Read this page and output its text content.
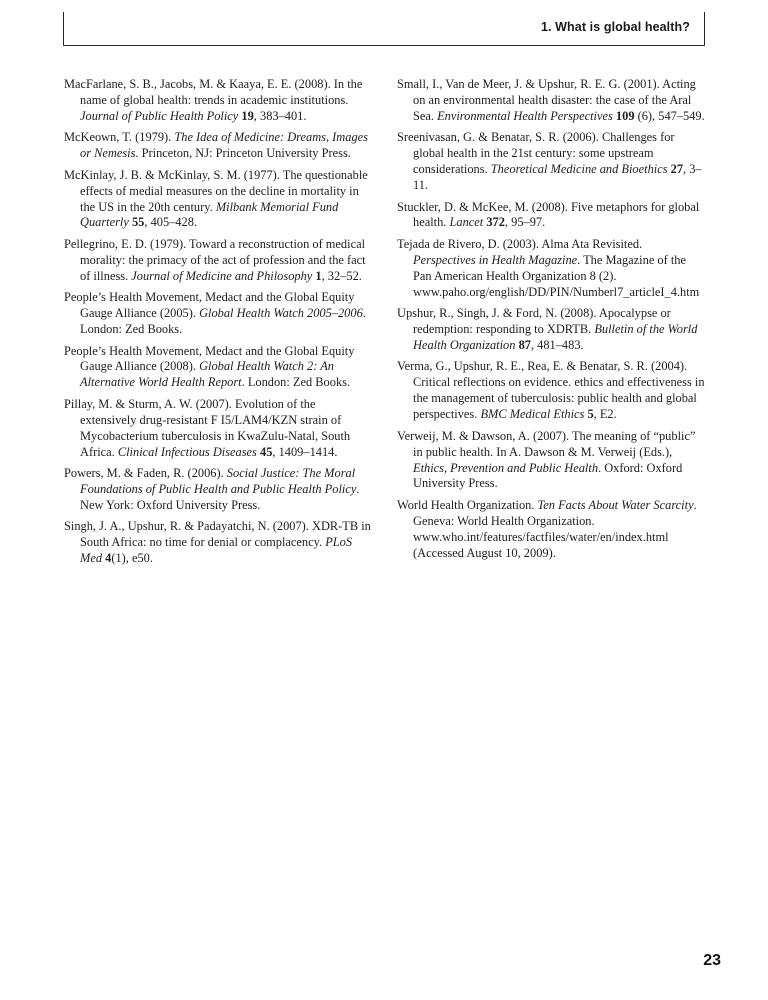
1. What is global health?

MacFarlane, S. B., Jacobs, M. & Kaaya, E. E. (2008). In the name of global health: trends in academic institutions. Journal of Public Health Policy 19, 383–401.

McKeown, T. (1979). The Idea of Medicine: Dreams, Images or Nemesis. Princeton, NJ: Princeton University Press.

McKinlay, J. B. & McKinlay, S. M. (1977). The questionable effects of medial measures on the decline in mortality in the US in the 20th century. Milbank Memorial Fund Quarterly 55, 405–428.

Pellegrino, E. D. (1979). Toward a reconstruction of medical morality: the primacy of the act of profession and the fact of illness. Journal of Medicine and Philosophy 1, 32–52.

People’s Health Movement, Medact and the Global Equity Gauge Alliance (2005). Global Health Watch 2005–2006. London: Zed Books.

People’s Health Movement, Medact and the Global Equity Gauge Alliance (2008). Global Health Watch 2: An Alternative World Health Report. London: Zed Books.

Pillay, M. & Sturm, A. W. (2007). Evolution of the extensively drug-resistant F I5/LAM4/KZN strain of Mycobacterium tuberculosis in KwaZulu-Natal, South Africa. Clinical Infectious Diseases 45, 1409–1414.

Powers, M. & Faden, R. (2006). Social Justice: The Moral Foundations of Public Health and Public Health Policy. New York: Oxford University Press.

Singh, J. A., Upshur, R. & Padayatchi, N. (2007). XDR-TB in South Africa: no time for denial or complacency. PLoS Med 4(1), e50.

Small, I., Van de Meer, J. & Upshur, R. E. G. (2001). Acting on an environmental health disaster: the case of the Aral Sea. Environmental Health Perspectives 109 (6), 547–549.

Sreenivasan, G. & Benatar, S. R. (2006). Challenges for global health in the 21st century: some upstream considerations. Theoretical Medicine and Bioethics 27, 3–11.

Stuckler, D. & McKee, M. (2008). Five metaphors for global health. Lancet 372, 95–97.

Tejada de Rivero, D. (2003). Alma Ata Revisited. Perspectives in Health Magazine. The Magazine of the Pan American Health Organization 8 (2). www.paho.org/english/DD/PIN/Numberl7_articleI_4.htm

Upshur, R., Singh, J. & Ford, N. (2008). Apocalypse or redemption: responding to XDRTB. Bulletin of the World Health Organization 87, 481–483.

Verma, G., Upshur, R. E., Rea, E. & Benatar, S. R. (2004). Critical reflections on evidence. ethics and effectiveness in the management of tuberculosis: public health and global perspectives. BMC Medical Ethics 5, E2.

Verweij, M. & Dawson, A. (2007). The meaning of “public” in public health. In A. Dawson & M. Verweij (Eds.), Ethics, Prevention and Public Health. Oxford: Oxford University Press.

World Health Organization. Ten Facts About Water Scarcity. Geneva: World Health Organization. www.who.int/features/factfiles/water/en/index.html (Accessed August 10, 2009).

23
